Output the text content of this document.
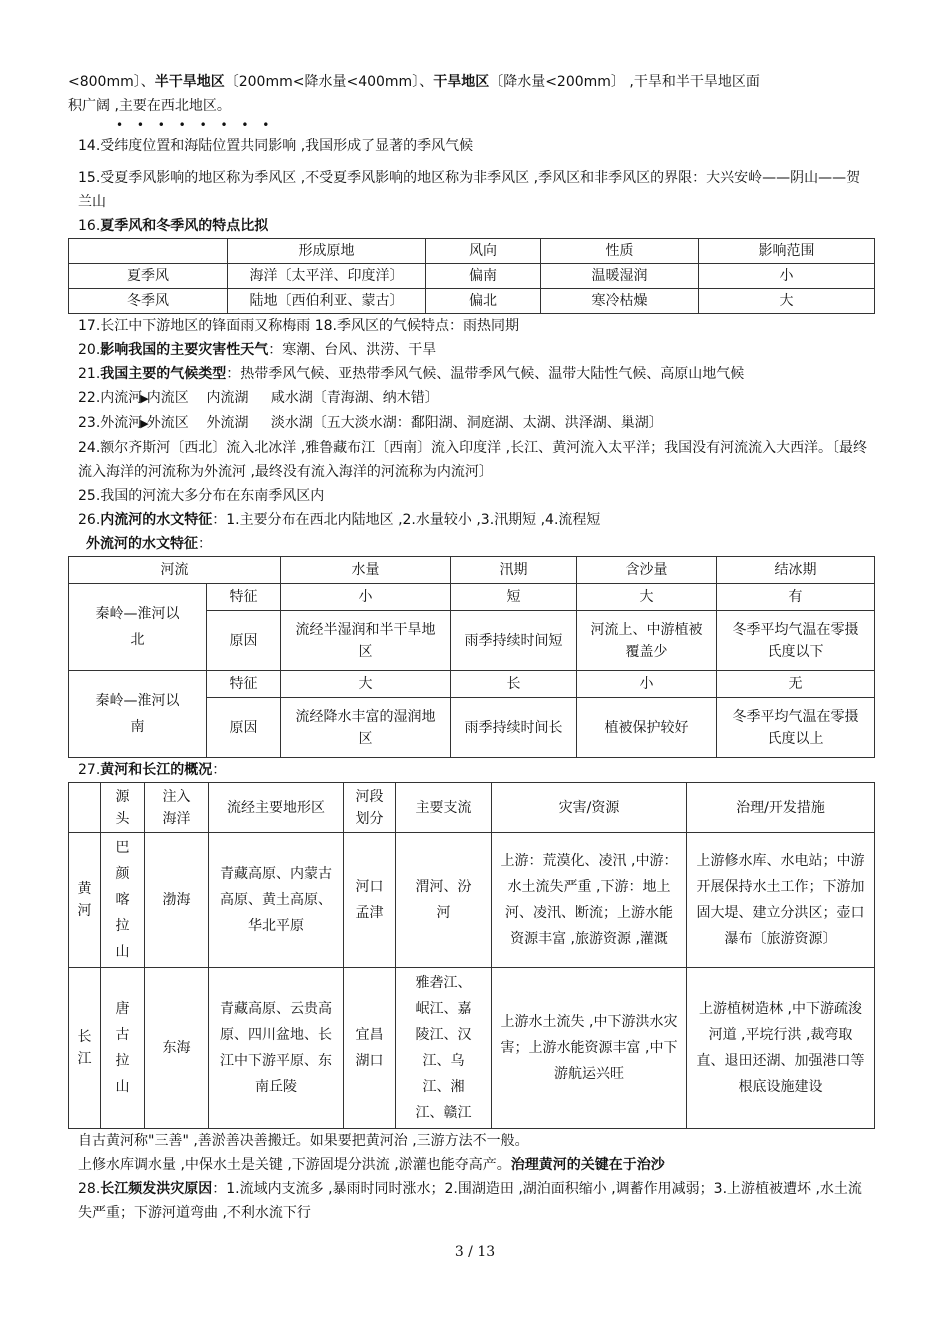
<800mm〕、半干旱地区〔200mm<降水量<400mm〕、干旱地区〔降水量<200mm〕 ,干旱和半干旱地区面

积广阔 ,主要在西北地区。

• • • • • • • •

14.受纬度位置和海陆位置共同影响 ,我国形成了显著的季风气候

15.受夏季风影响的地区称为季风区 ,不受夏季风影响的地区称为非季风区 ,季风区和非季风区的界限：大兴安岭——阴山——贺兰山

16.夏季风和冬季风的特点比拟

	形成原地	风向	性质	影响范围
夏季风	海洋〔太平洋、印度洋〕	偏南	温暖湿润	小
冬季风	陆地〔西伯利亚、蒙古〕	偏北	寒冷枯燥	大

17.长江中下游地区的锋面雨又称梅雨 18.季风区的气候特点：雨热同期

20.影响我国的主要灾害性天气：寒潮、台风、洪涝、干旱

21.我国主要的气候类型：热带季风气候、亚热带季风气候、温带季风气候、温带大陆性气候、高原山地气候

22.内流河▶内流区 内流湖 咸水湖〔青海湖、纳木错〕

23.外流河▶外流区 外流湖 淡水湖〔五大淡水湖：鄱阳湖、洞庭湖、太湖、洪泽湖、巢湖〕

24.额尔齐斯河〔西北〕流入北冰洋 ,雅鲁藏布江〔西南〕流入印度洋 ,长江、黄河流入太平洋；我国没有河流流入大西洋。〔最终流入海洋的河流称为外流河 ,最终没有流入海洋的河流称为内流河〕

25.我国的河流大多分布在东南季风区内

26.内流河的水文特征：1.主要分布在西北内陆地区 ,2.水量较小 ,3.汛期短 ,4.流程短

外流河的水文特征：

河流		水量	汛期	含沙量	结冰期
秦岭—淮河以北	特征	小	短	大	有
	原因	流经半湿润和半干旱地区	雨季持续时间短	河流上、中游植被覆盖少	冬季平均气温在零摄氏度以下
秦岭—淮河以南	特征	大	长	小	无
	原因	流经降水丰富的湿润地区	雨季持续时间长	植被保护较好	冬季平均气温在零摄氏度以上

27.黄河和长江的概况：

	源头	注入海洋	流经主要地形区	河段划分	主要支流	灾害/资源	治理/开发措施
黄河	巴颜喀拉山	渤海	青藏高原、内蒙古高原、黄土高原、华北平原	河口孟津	渭河、汾河	上游：荒漠化、凌汛 ,中游：水土流失严重 ,下游：地上河、凌汛、断流；上游水能资源丰富 ,旅游资源 ,灌溉	上游修水库、水电站；中游开展保持水土工作；下游加固大堤、建立分洪区；壶口瀑布〔旅游资源〕
长江	唐古拉山	东海	青藏高原、云贵高原、四川盆地、长江中下游平原、东南丘陵	宜昌湖口	雅砻江、岷江、嘉陵江、汉江、乌江、湘江、赣江	上游水土流失 ,中下游洪水灾害；上游水能资源丰富 ,中下游航运兴旺	上游植树造林 ,中下游疏浚河道 ,平垸行洪 ,裁弯取直、退田还湖、加强港口等根底设施建设

自古黄河称"三善" ,善淤善决善搬迁。如果要把黄河治 ,三游方法不一般。

上修水库调水量 ,中保水土是关键 ,下游固堤分洪流 ,淤灌也能夺高产。治理黄河的关键在于治沙

28.长江频发洪灾原因：1.流域内支流多 ,暴雨时同时涨水；2.围湖造田 ,湖泊面积缩小 ,调蓄作用减弱；3.上游植被遭坏 ,水土流失严重；下游河道弯曲 ,不利水流下行

3 / 13
